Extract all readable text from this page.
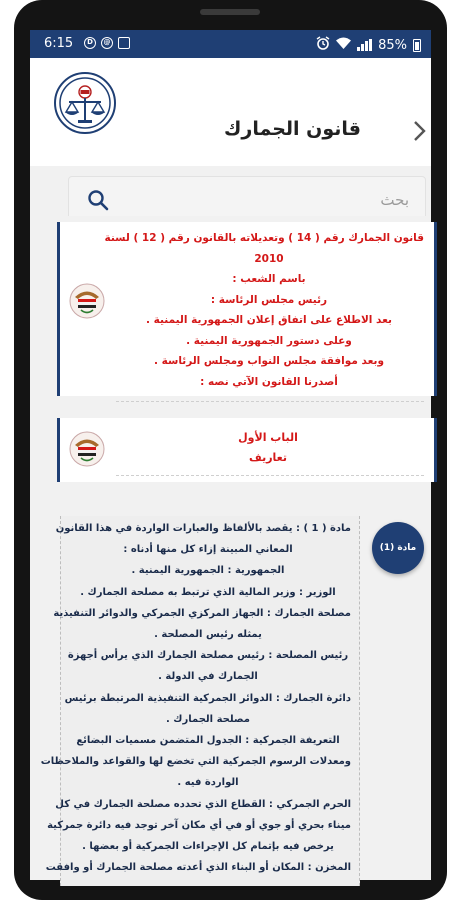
6:15	D	@	85%
قانون الجمارك
بحث
قانون الجمارك رقم ( 14 ) وتعديلاته بالقانون رقم ( 12 ) لسنة
2010
باسم الشعب :
رئيس مجلس الرئاسة :
بعد الاطلاع على اتفاق إعلان الجمهورية اليمنية .
وعلى دستور الجمهورية اليمنية .
وبعد موافقة مجلس النواب ومجلس الرئاسة .
أصدرنا القانون الآتي نصه :
الباب الأول
تعاريف
مادة ( 1 ) : يقصد بالألفاظ والعبارات الواردة في هذا القانون
المعاني المبينة إزاء كل منها أدناه :
الجمهورية : الجمهورية اليمنية .
الوزير : وزير المالية الذي ترتبط به مصلحة الجمارك .
مصلحة الجمارك : الجهاز المركزي الجمركي والدوائر التنفيذية
يمثله رئيس المصلحة .
رئيس المصلحة : رئيس مصلحة الجمارك الذي يرأس أجهزة
الجمارك في الدولة .
دائرة الجمارك : الدوائر الجمركية التنفيذية المرتبطة برئيس
مصلحة الجمارك .
التعريفة الجمركية : الجدول المتضمن مسميات البضائع
ومعدلات الرسوم الجمركية التي تخضع لها والقواعد والملاحظات
الواردة فيه .
الحرم الجمركي : القطاع الذي تحدده مصلحة الجمارك في كل
ميناء بحري أو جوي أو في أي مكان آخر توجد فيه دائرة جمركية
يرخص فيه بإتمام كل الإجراءات الجمركية أو بعضها .
المخزن : المكان أو البناء الذي أعدته مصلحة الجمارك أو وافقت
مادة (1)
